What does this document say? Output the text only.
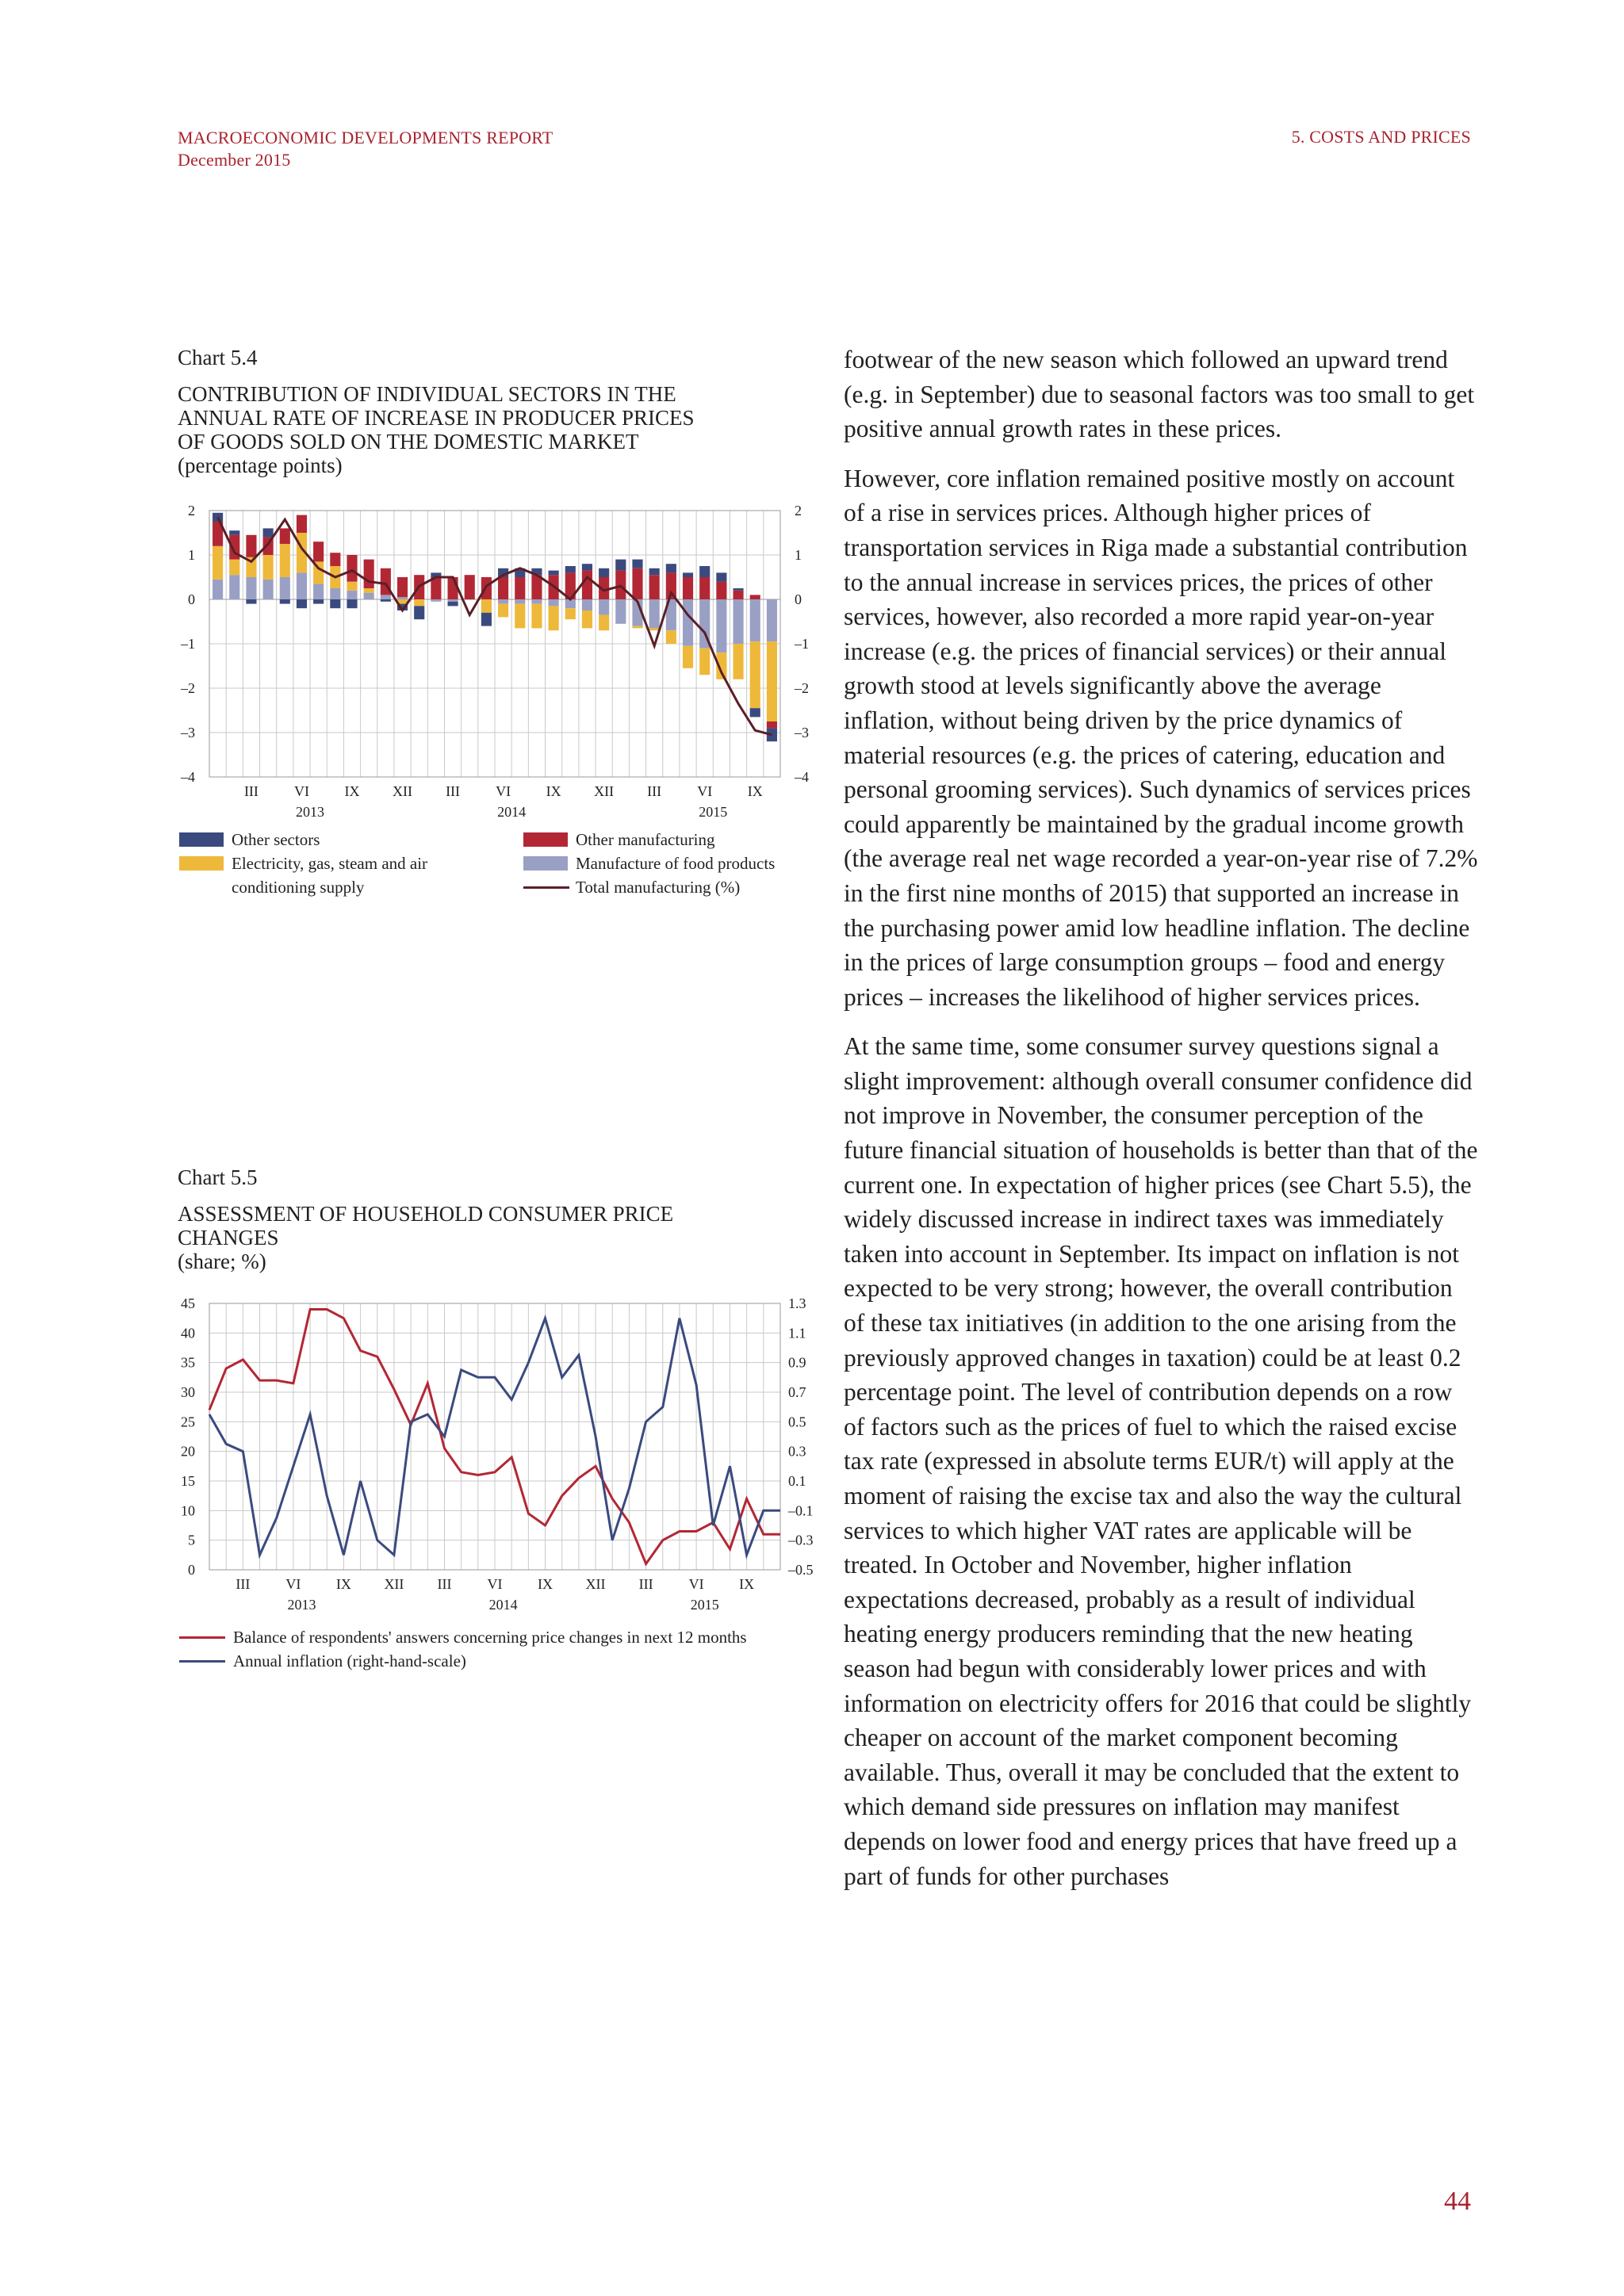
MACROECONOMIC DEVELOPMENTS REPORT
December 2015
5. COSTS AND PRICES
Chart 5.4
CONTRIBUTION OF INDIVIDUAL SECTORS IN THE
ANNUAL RATE OF INCREASE IN PRODUCER PRICES
OF GOODS SOLD ON THE DOMESTIC MARKET
(percentage points)
2	2
1	1
0	0
–1	–1
–2	–2
–3	–3
–4	–4
III	VI IX XII III	VI IX XII III	VI IX
2013	2014	2015
Other sectors
Electricity, gas, steam and air
conditioning supply
Other manufacturing
Manufacture of food products
Total manufacturing (%)
Chart 5.5
ASSESSMENT OF HOUSEHOLD CONSUMER PRICE
CHANGES
(share; %)
45	1.3
40	1.1
35	0.9
30	0.7
25	0.5
20	0.3
15	0.1
10	–0.1
5	–0.3
0	–0.5
III	VI IX XII III	VI IX XII III	VI IX
2013	2014	2015
Balance of respondents' answers concerning price changes in next 12 months
Annual inflation (right-hand-scale)

footwear of the new season which followed an upward trend (e.g. in September) due to seasonal factors was too small to get positive annual growth rates in these prices.

However, core inflation remained positive mostly on account of a rise in services prices. Although higher prices of transportation services in Riga made a substantial contribution to the annual increase in services prices, the prices of other services, however, also recorded a more rapid year-on-year increase (e.g. the prices of financial services) or their annual growth stood at levels significantly above the average inflation, without being driven by the price dynamics of material resources (e.g. the prices of catering, education and personal grooming services). Such dynamics of services prices could apparently be maintained by the gradual income growth (the average real net wage recorded a year-on-year rise of 7.2% in the first nine months of 2015) that supported an increase in the purchasing power amid low headline inflation. The decline in the prices of large consumption groups – food and energy prices – increases the likelihood of higher services prices.

At the same time, some consumer survey questions signal a slight improvement: although overall consumer confidence did not improve in November, the consumer perception of the future financial situation of households is better than that of the current one. In expectation of higher prices (see Chart 5.5), the widely discussed increase in indirect taxes was immediately taken into account in September. Its impact on inflation is not expected to be very strong; however, the overall contribution of these tax initiatives (in addition to the one arising from the previously approved changes in taxation) could be at least 0.2 percentage point. The level of contribution depends on a row of factors such as the prices of fuel to which the raised excise tax rate (expressed in absolute terms EUR/t) will apply at the moment of raising the excise tax and also the way the cultural services to which higher VAT rates are applicable will be treated. In October and November, higher inflation expectations decreased, probably as a result of individual heating energy producers reminding that the new heating season had begun with considerably lower prices and with information on electricity offers for 2016 that could be slightly cheaper on account of the market component becoming available. Thus, overall it may be concluded that the extent to which demand side pressures on inflation may manifest depends on lower food and energy prices that have freed up a part of funds for other purchases

44
